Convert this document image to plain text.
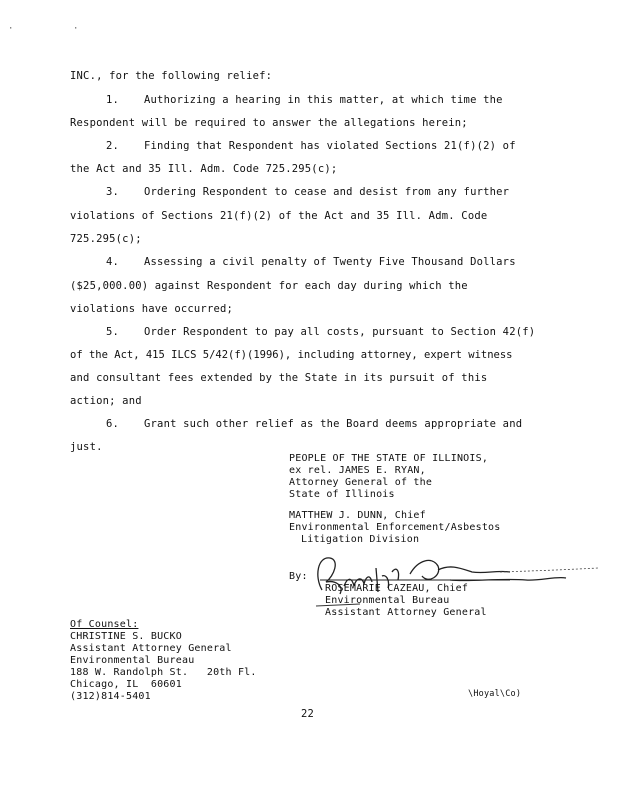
·           ·
INC., for the following relief:
1. Authorizing a hearing in this matter, at which time the
Respondent will be required to answer the allegations herein;
2. Finding that Respondent has violated Sections 21(f)(2) of
the Act and 35 Ill. Adm. Code 725.295(c);
3. Ordering Respondent to cease and desist from any further
violations of Sections 21(f)(2) of the Act and 35 Ill. Adm. Code
725.295(c);
4. Assessing a civil penalty of Twenty Five Thousand Dollars
($25,000.00) against Respondent for each day during which the
violations have occurred;
5. Order Respondent to pay all costs, pursuant to Section 42(f)
of the Act, 415 ILCS 5/42(f)(1996), including attorney, expert witness
and consultant fees extended by the State in its pursuit of this
action; and
6. Grant such other relief as the Board deems appropriate and
just.
PEOPLE OF THE STATE OF ILLINOIS,
ex rel. JAMES E. RYAN,
Attorney General of the
State of Illinois
MATTHEW J. DUNN, Chief
Environmental Enforcement/Asbestos
Litigation Division
By:
ROSEMARIE CAZEAU, Chief
Environmental Bureau
Assistant Attorney General
Of Counsel:
CHRISTINE S. BUCKO
Assistant Attorney General
Environmental Bureau
188 W. Randolph St.   20th Fl.
Chicago, IL  60601
(312)814-5401	\Hoyal\Co)
22
